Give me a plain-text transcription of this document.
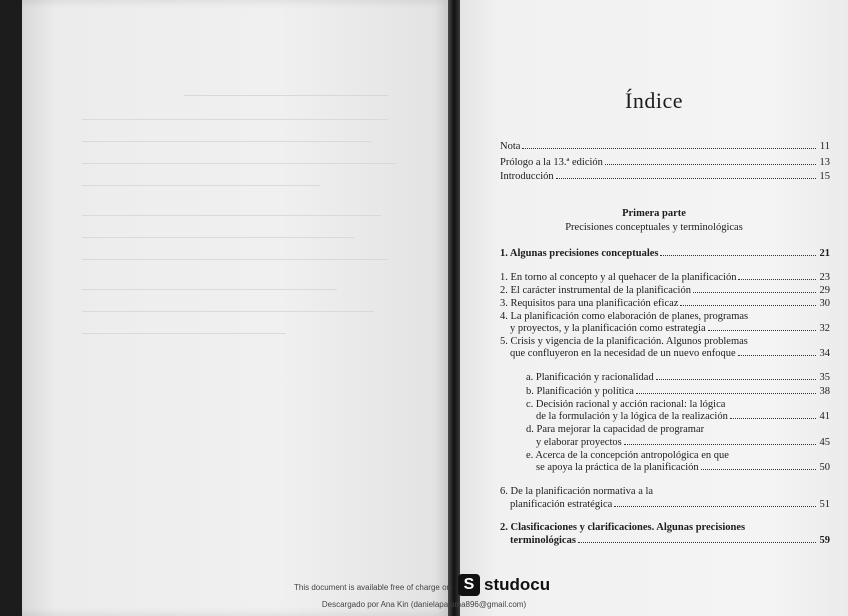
Índice
Nota	11
Prólogo a la 13.ª edición	13
Introducción	15
Primera parte
Precisiones conceptuales y terminológicas
1. Algunas precisiones conceptuales	21
1. En torno al concepto y al quehacer de la planificación	23
2. El carácter instrumental de la planificación	29
3. Requisitos para una planificación eficaz	30
4. La planificación como elaboración de planes, programas
y proyectos, y la planificación como estrategia	32
5. Crisis y vigencia de la planificación. Algunos problemas
que confluyeron en la necesidad de un nuevo enfoque	34
a. Planificación y racionalidad	35
b. Planificación y política	38
c. Decisión racional y acción racional: la lógica
de la formulación y la lógica de la realización	41
d. Para mejorar la capacidad de programar
y elaborar proyectos	45
e. Acerca de la concepción antropológica en que
se apoya la práctica de la planificación	50
6. De la planificación normativa a la
planificación estratégica	51
2. Clasificaciones y clarificaciones. Algunas precisiones
terminológicas	59
This document is available free of charge on S studocu
Descargado por Ana Kin (danielapaloma896@gmail.com)
